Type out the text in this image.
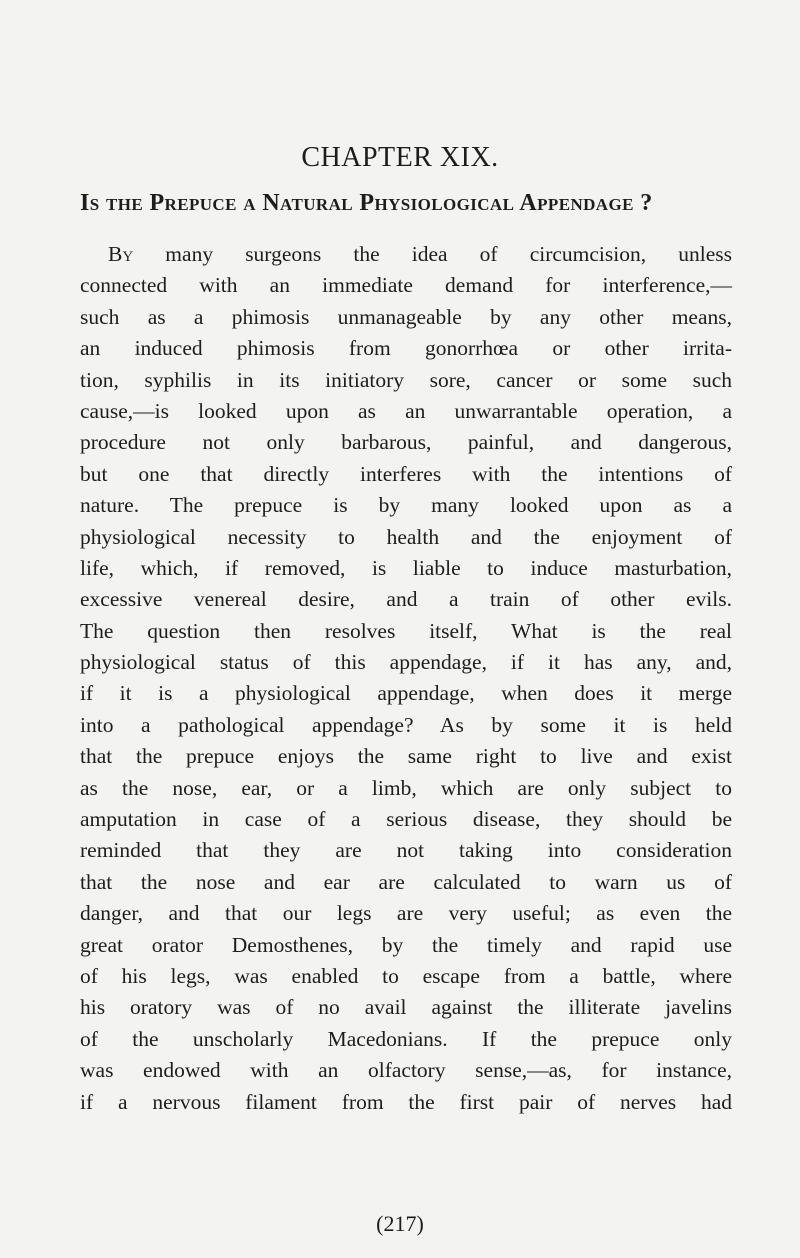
CHAPTER XIX.
Is the Prepuce a Natural Physiological Appendage ?
By many surgeons the idea of circumcision, unless
connected with an immediate demand for interference,—
such as a phimosis unmanageable by any other means,
an induced phimosis from gonorrhœa or other irrita-
tion, syphilis in its initiatory sore, cancer or some such
cause,—is looked upon as an unwarrantable operation, a
procedure not only barbarous, painful, and dangerous,
but one that directly interferes with the intentions of
nature. The prepuce is by many looked upon as a
physiological necessity to health and the enjoyment of
life, which, if removed, is liable to induce masturbation,
excessive venereal desire, and a train of other evils.
The question then resolves itself, What is the real
physiological status of this appendage, if it has any, and,
if it is a physiological appendage, when does it merge
into a pathological appendage? As by some it is held
that the prepuce enjoys the same right to live and exist
as the nose, ear, or a limb, which are only subject to
amputation in case of a serious disease, they should be
reminded that they are not taking into consideration
that the nose and ear are calculated to warn us of
danger, and that our legs are very useful; as even the
great orator Demosthenes, by the timely and rapid use
of his legs, was enabled to escape from a battle, where
his oratory was of no avail against the illiterate javelins
of the unscholarly Macedonians. If the prepuce only
was endowed with an olfactory sense,—as, for instance,
if a nervous filament from the first pair of nerves had
(217)
